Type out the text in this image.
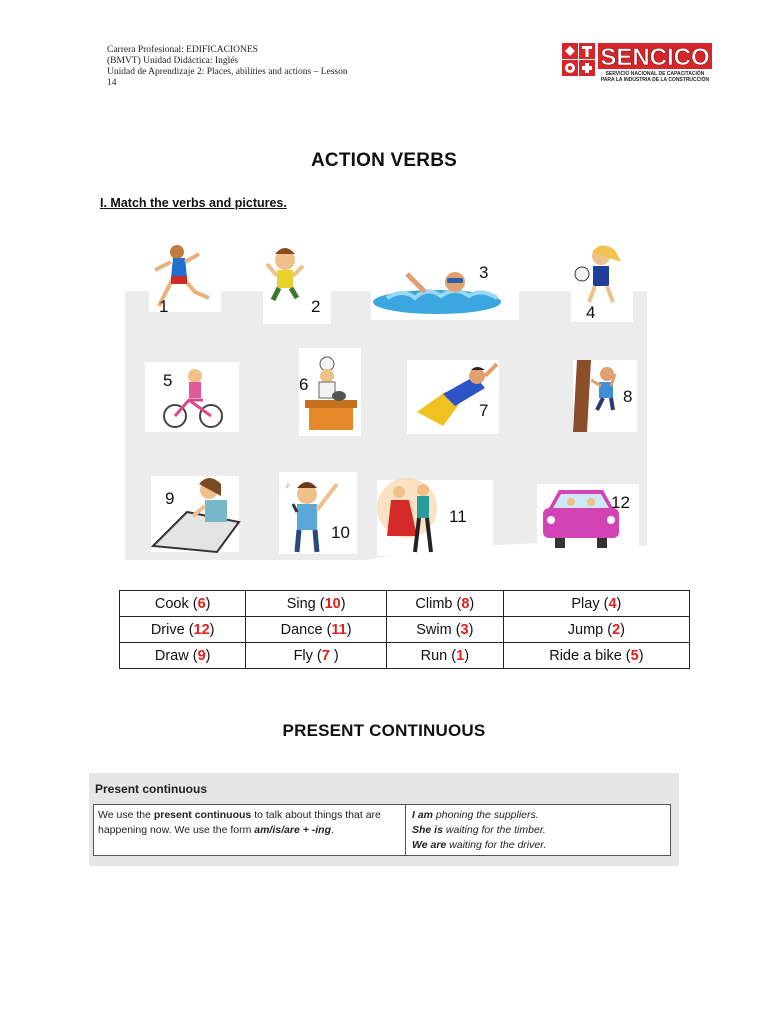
Carrera Profesional: EDIFICACIONES
(BMVT) Unidad Didáctica: Inglés
Unidad de Aprendizaje 2: Places, abilities and actions – Lesson
14
SENCICO
SERVICIO NACIONAL DE CAPACITACIÓN
PARA LA INDUSTRIA DE LA CONSTRUCCIÓN
ACTION VERBS
I. Match the verbs and pictures.
1	2
3
4
5	6
7
8
9
♪
10
11
12
Cook (6)	Sing (10)	Climb (8)	Play (4)
Drive (12)	Dance (11)	Swim (3)	Jump (2)
Draw (9)	Fly (7 )	Run (1)	Ride a bike (5)
PRESENT CONTINUOUS
Present continuous
We use the present continuous to talk about things that are happening now. We use the form am/is/are + -ing.
I am phoning the suppliers.
She is waiting for the timber.
We are waiting for the driver.
